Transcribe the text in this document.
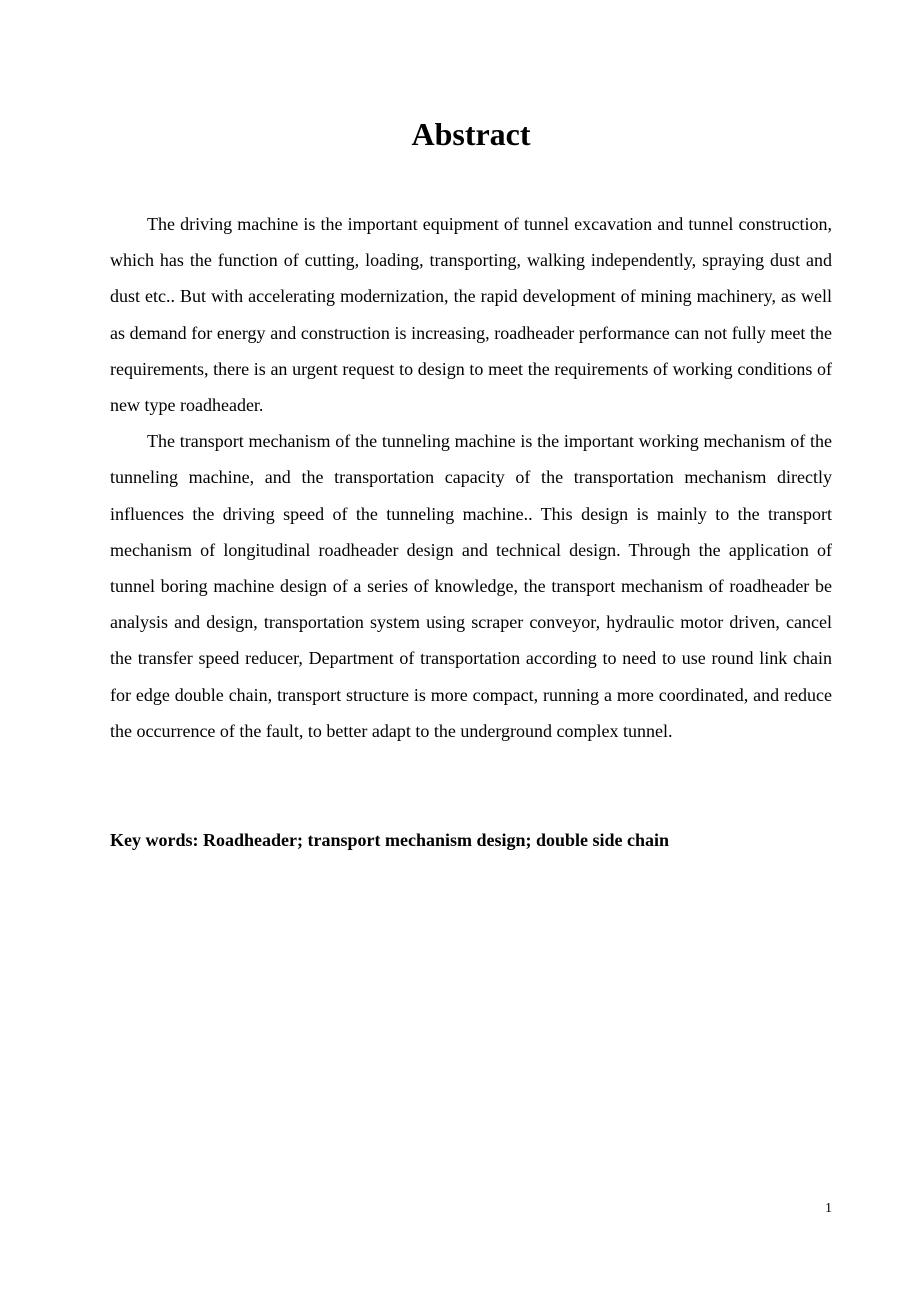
Abstract

The driving machine is the important equipment of tunnel excavation and tunnel construction, which has the function of cutting, loading, transporting, walking independently, spraying dust and dust etc.. But with accelerating modernization, the rapid development of mining machinery, as well as demand for energy and construction is increasing, roadheader performance can not fully meet the requirements, there is an urgent request to design to meet the requirements of working conditions of new type roadheader.

The transport mechanism of the tunneling machine is the important working mechanism of the tunneling machine, and the transportation capacity of the transportation mechanism directly influences the driving speed of the tunneling machine.. This design is mainly to the transport mechanism of longitudinal roadheader design and technical design. Through the application of tunnel boring machine design of a series of knowledge, the transport mechanism of roadheader be analysis and design, transportation system using scraper conveyor, hydraulic motor driven, cancel the transfer speed reducer, Department of transportation according to need to use round link chain for edge double chain, transport structure is more compact, running a more coordinated, and reduce the occurrence of the fault, to better adapt to the underground complex tunnel.

Key words: Roadheader; transport mechanism design; double side chain

1
